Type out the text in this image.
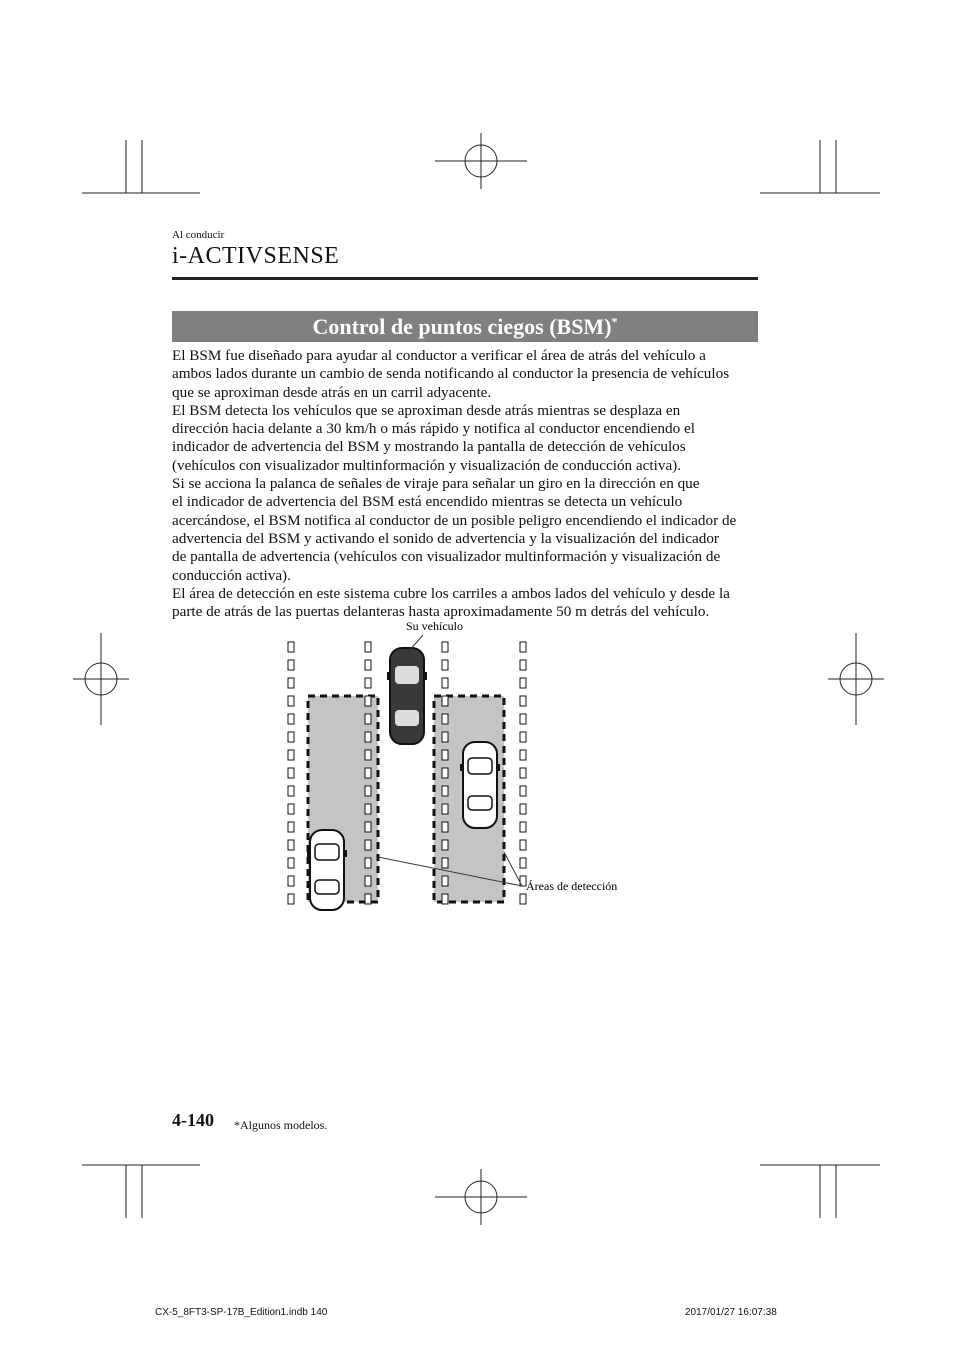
Al conducir
i-ACTIVSENSE
Control de puntos ciegos (BSM)*

El BSM fue diseñado para ayudar al conductor a verificar el área de atrás del vehículo a

ambos lados durante un cambio de senda notificando al conductor la presencia de vehículos

que se aproximan desde atrás en un carril adyacente.

El BSM detecta los vehículos que se aproximan desde atrás mientras se desplaza en

dirección hacia delante a 30 km/h o más rápido y notifica al conductor encendiendo el

indicador de advertencia del BSM y mostrando la pantalla de detección de vehículos

(vehículos con visualizador multinformación y visualización de conducción activa).

Si se acciona la palanca de señales de viraje para señalar un giro en la dirección en que

el indicador de advertencia del BSM está encendido mientras se detecta un vehículo

acercándose, el BSM notifica al conductor de un posible peligro encendiendo el indicador de

advertencia del BSM y activando el sonido de advertencia y la visualización del indicador

de pantalla de advertencia (vehículos con visualizador multinformación y visualización de

conducción activa).

El área de detección en este sistema cubre los carriles a ambos lados del vehículo y desde la

parte de atrás de las puertas delanteras hasta aproximadamente 50 m detrás del vehículo.

Su vehículo
Áreas de detección
4-140 *Algunos modelos.
CX-5_8FT3-SP-17B_Edition1.indb 140	2017/01/27 16:07:38
